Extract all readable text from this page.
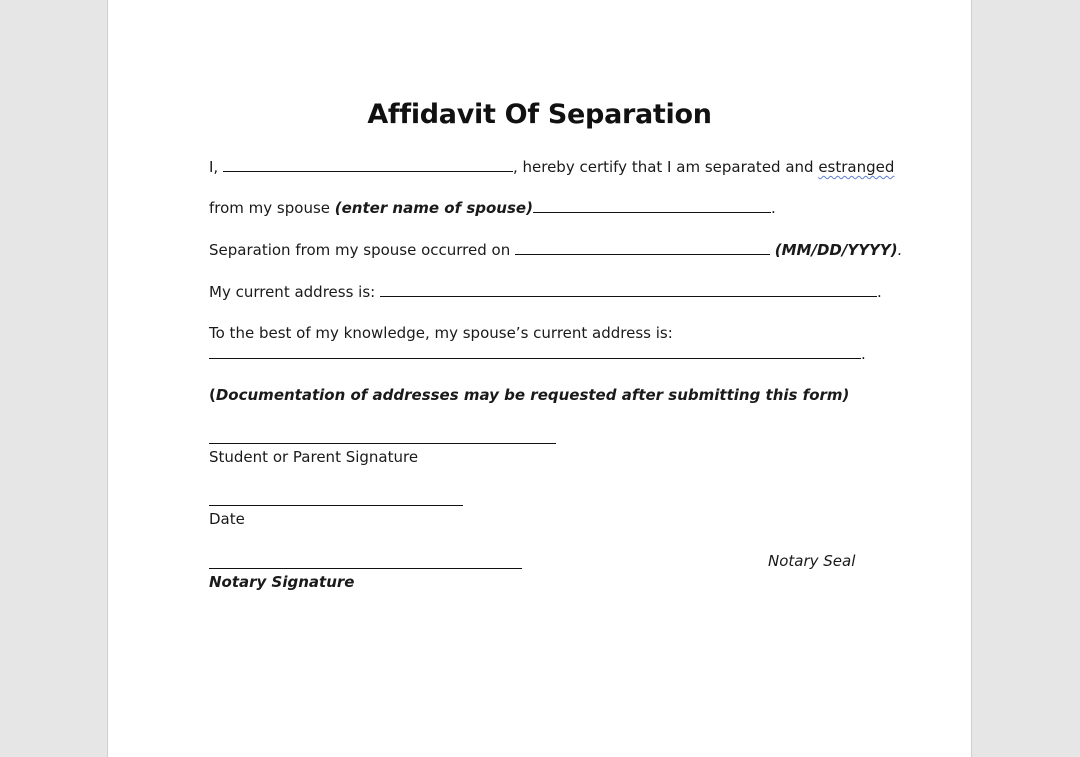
Affidavit Of Separation
I,	, hereby certify that I am separated and estranged
from my spouse (enter name of spouse)	.
Separation from my spouse occurred on	(MM/DD/YYYY).
My current address is:	.
To the best of my knowledge, my spouse’s current address is:
.
(Documentation of addresses may be requested after submitting this form)
Student or Parent Signature
Date
Notary Signature
Notary Seal
